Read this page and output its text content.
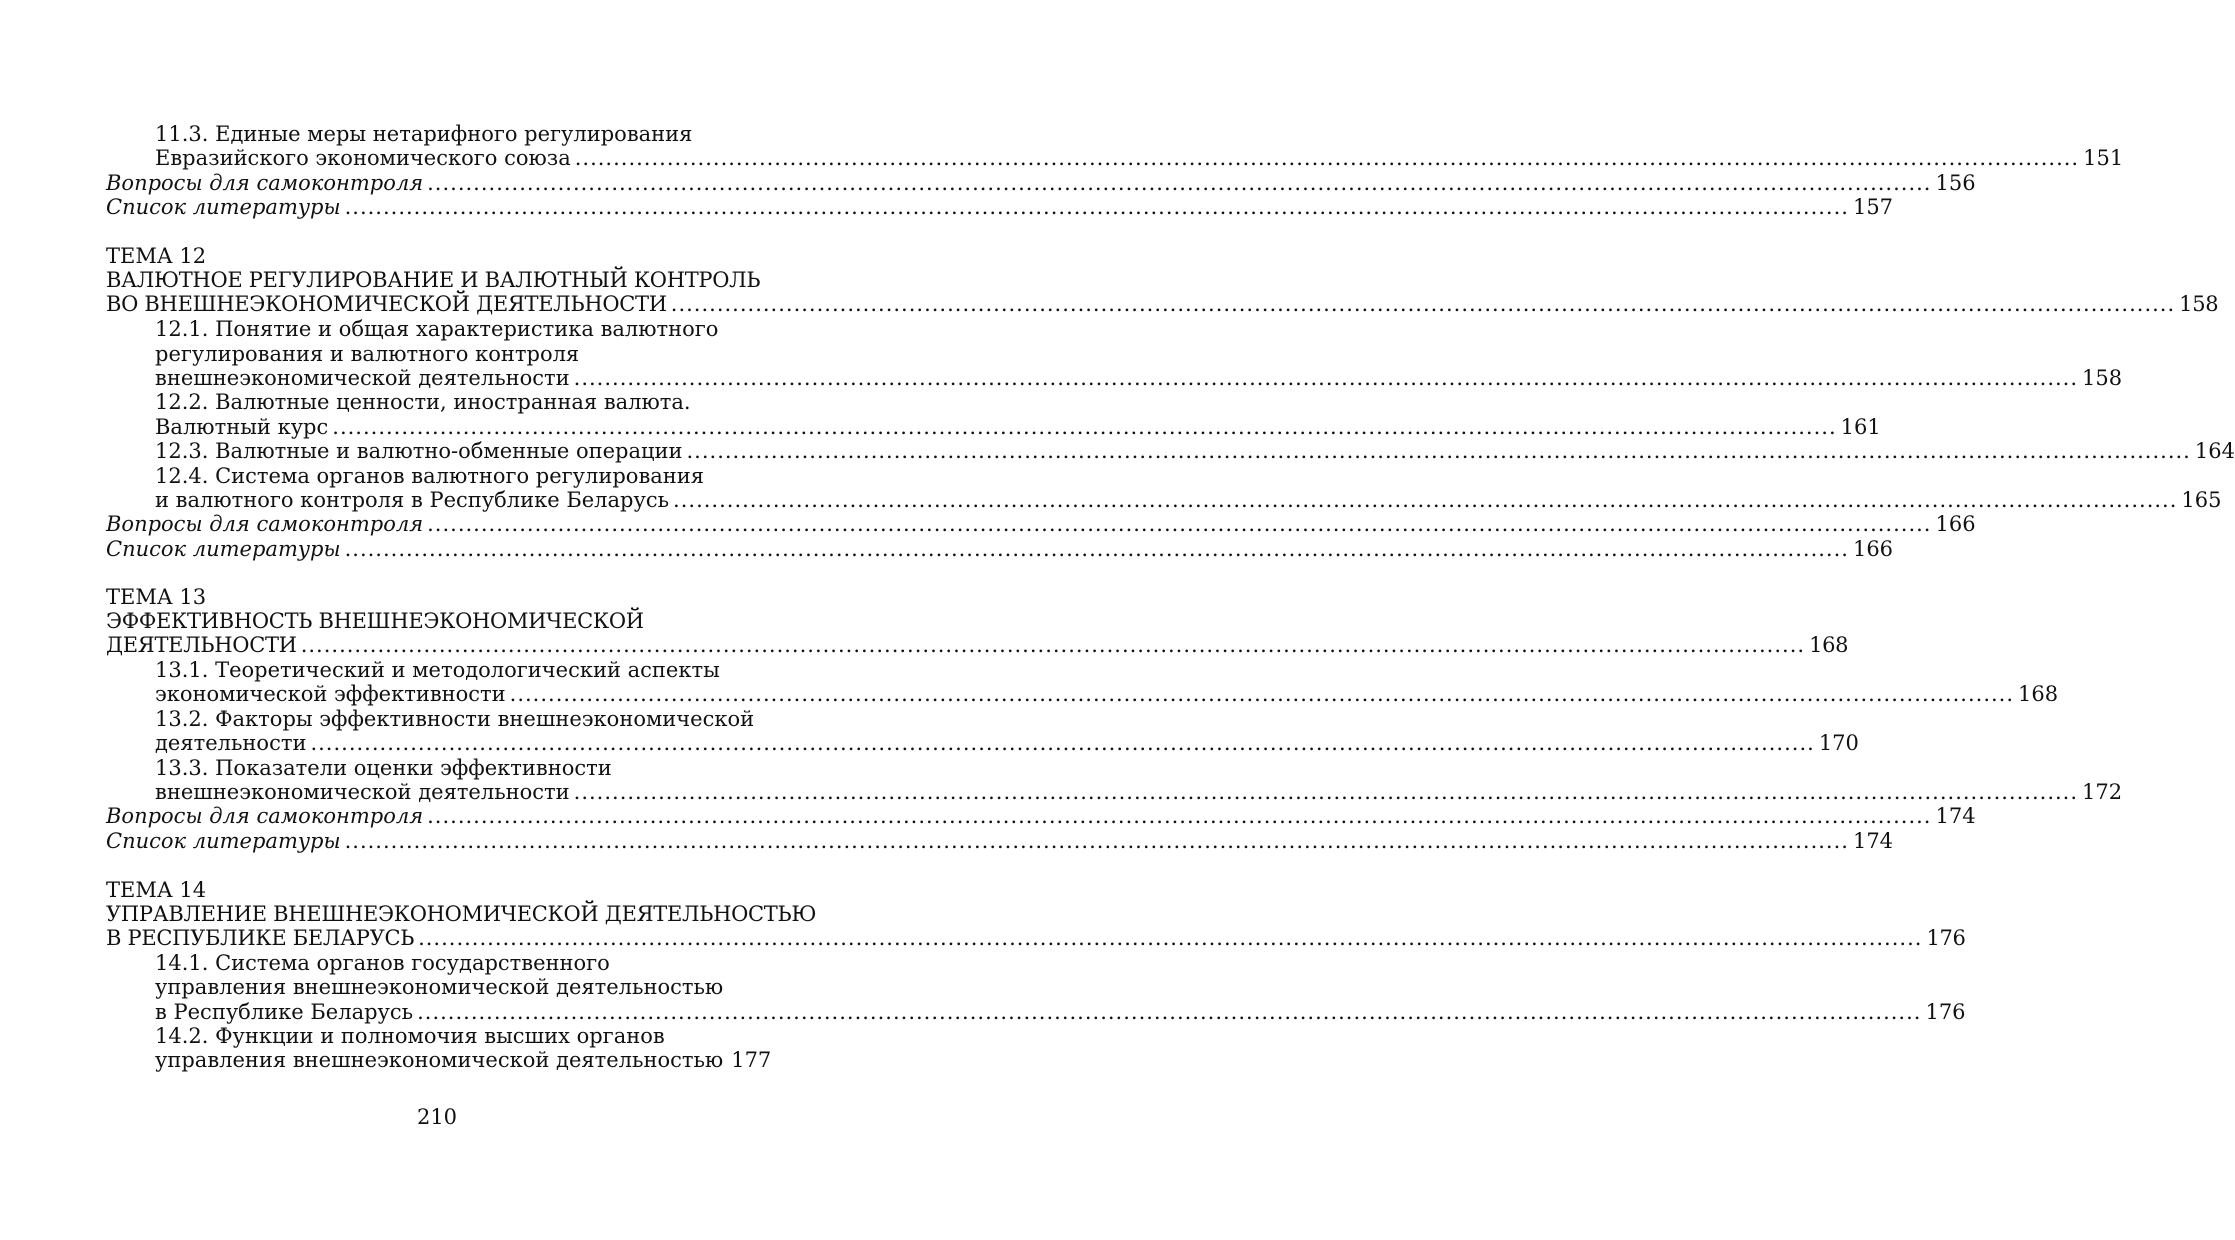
11.3. Единые меры нетарифного регулирования
Евразийского экономического союза .....	151
Вопросы для самоконтроля .....	156
Список литературы .....	157
ТЕМА 12
ВАЛЮТНОЕ РЕГУЛИРОВАНИЕ И ВАЛЮТНЫЙ КОНТРОЛЬ
ВО ВНЕШНЕЭКОНОМИЧЕСКОЙ ДЕЯТЕЛЬНОСТИ .....	158
12.1. Понятие и общая характеристика валютного
регулирования и валютного контроля
внешнеэкономической деятельности .....	158
12.2. Валютные ценности, иностранная валюта.
Валютный курс .....	161
12.3. Валютные и валютно-обменные операции .....	164
12.4. Система органов валютного регулирования
и валютного контроля в Республике Беларусь .....	165
Вопросы для самоконтроля .....	166
Список литературы .....	166
ТЕМА 13
ЭФФЕКТИВНОСТЬ ВНЕШНЕЭКОНОМИЧЕСКОЙ
ДЕЯТЕЛЬНОСТИ .....	168
13.1. Теоретический и методологический аспекты
экономической эффективности .....	168
13.2. Факторы эффективности внешнеэкономической
деятельности .....	170
13.3. Показатели оценки эффективности
внешнеэкономической деятельности .....	172
Вопросы для самоконтроля .....	174
Список литературы .....	174
ТЕМА 14
УПРАВЛЕНИЕ ВНЕШНЕЭКОНОМИЧЕСКОЙ ДЕЯТЕЛЬНОСТЬЮ
В РЕСПУБЛИКЕ БЕЛАРУСЬ .....	176
14.1. Система органов государственного
управления внешнеэкономической деятельностью
в Республике Беларусь .....	176
14.2. Функции и полномочия высших органов
управления внешнеэкономической деятельностью 177
210
